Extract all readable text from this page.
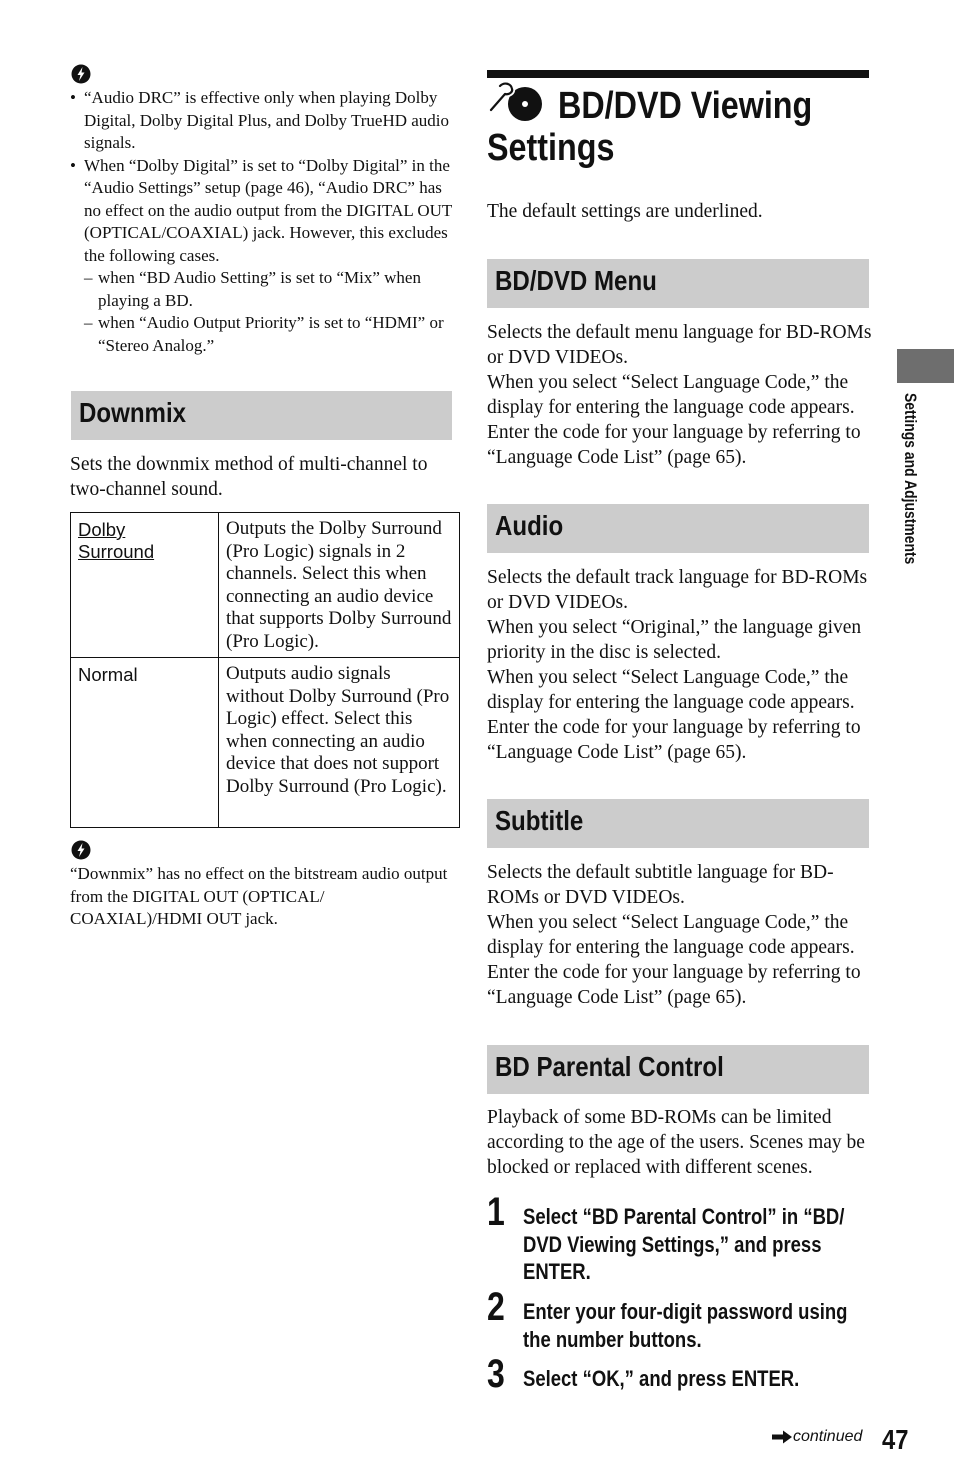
• “Audio DRC” is effective only when playing Dolby Digital, Dolby Digital Plus, and Dolby TrueHD audio signals.
• When “Dolby Digital” is set to “Dolby Digital” in the “Audio Settings” setup (page 46), “Audio DRC” has no effect on the audio output from the DIGITAL OUT (OPTICAL/COAXIAL) jack. However, this excludes the following cases.
– when “BD Audio Setting” is set to “Mix” when playing a BD.
– when “Audio Output Priority” is set to “HDMI” or “Stereo Analog.”
Downmix
Sets the downmix method of multi-channel to two-channel sound.
Dolby Surround	Outputs the Dolby Surround (Pro Logic) signals in 2 channels. Select this when connecting an audio device that supports Dolby Surround (Pro Logic).
Normal	Outputs audio signals without Dolby Surround (Pro Logic) effect. Select this when connecting an audio device that does not support Dolby Surround (Pro Logic).
“Downmix” has no effect on the bitstream audio output from the DIGITAL OUT (OPTICAL/ COAXIAL)/HDMI OUT jack.
BD/DVD Viewing
Settings
The default settings are underlined.
BD/DVD Menu
Selects the default menu language for BD-ROMs or DVD VIDEOs.
When you select “Select Language Code,” the display for entering the language code appears. Enter the code for your language by referring to “Language Code List” (page 65).
Audio
Selects the default track language for BD-ROMs or DVD VIDEOs.
When you select “Original,” the language given priority in the disc is selected.
When you select “Select Language Code,” the display for entering the language code appears. Enter the code for your language by referring to “Language Code List” (page 65).
Subtitle
Selects the default subtitle language for BD-ROMs or DVD VIDEOs.
When you select “Select Language Code,” the display for entering the language code appears. Enter the code for your language by referring to “Language Code List” (page 65).
BD Parental Control
Playback of some BD-ROMs can be limited according to the age of the users. Scenes may be blocked or replaced with different scenes.
1 Select “BD Parental Control” in “BD/ DVD Viewing Settings,” and press ENTER.
2 Enter your four-digit password using the number buttons.
3 Select “OK,” and press ENTER.
Settings and Adjustments
continued 47
